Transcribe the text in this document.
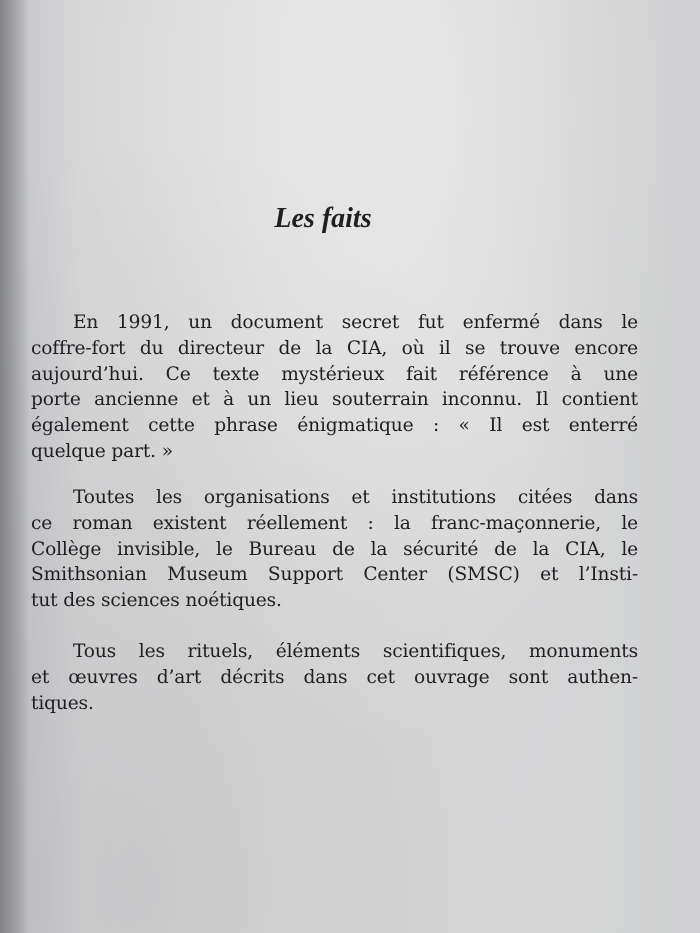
Les faits
En 1991, un document secret fut enfermé dans le
coffre-fort du directeur de la CIA, où il se trouve encore
aujourd’hui. Ce texte mystérieux fait référence à une
porte ancienne et à un lieu souterrain inconnu. Il contient
également cette phrase énigmatique : « Il est enterré
quelque part. »
Toutes les organisations et institutions citées dans
ce roman existent réellement : la franc-maçonnerie, le
Collège invisible, le Bureau de la sécurité de la CIA, le
Smithsonian Museum Support Center (SMSC) et l’Insti-
tut des sciences noétiques.
Tous les rituels, éléments scientifiques, monuments
et œuvres d’art décrits dans cet ouvrage sont authen-
tiques.
